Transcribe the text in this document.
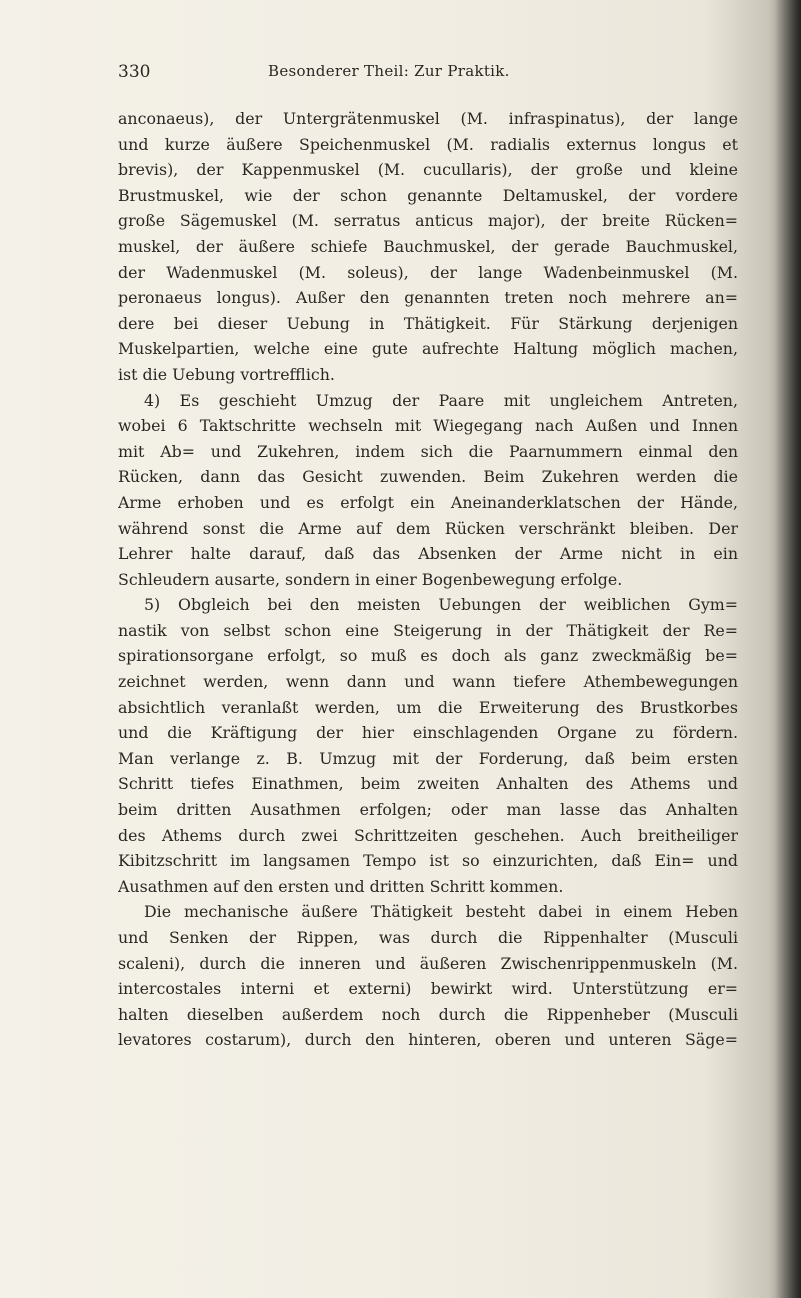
330	Besonderer Theil: Zur Praktik.
anconaeus), der Untergrätenmuskel (M. infraspinatus), der lange
und kurze äußere Speichenmuskel (M. radialis externus longus et
brevis), der Kappenmuskel (M. cucullaris), der große und kleine
Brustmuskel, wie der schon genannte Deltamuskel, der vordere
große Sägemuskel (M. serratus anticus major), der breite Rücken=
muskel, der äußere schiefe Bauchmuskel, der gerade Bauchmuskel,
der Wadenmuskel (M. soleus), der lange Wadenbeinmuskel (M.
peronaeus longus). Außer den genannten treten noch mehrere an=
dere bei dieser Uebung in Thätigkeit. Für Stärkung derjenigen
Muskelpartien, welche eine gute aufrechte Haltung möglich machen,
ist die Uebung vortrefflich.
4) Es geschieht Umzug der Paare mit ungleichem Antreten,
wobei 6 Taktschritte wechseln mit Wiegegang nach Außen und Innen
mit Ab= und Zukehren, indem sich die Paarnummern einmal den
Rücken, dann das Gesicht zuwenden. Beim Zukehren werden die
Arme erhoben und es erfolgt ein Aneinanderklatschen der Hände,
während sonst die Arme auf dem Rücken verschränkt bleiben. Der
Lehrer halte darauf, daß das Absenken der Arme nicht in ein
Schleudern ausarte, sondern in einer Bogenbewegung erfolge.
5) Obgleich bei den meisten Uebungen der weiblichen Gym=
nastik von selbst schon eine Steigerung in der Thätigkeit der Re=
spirationsorgane erfolgt, so muß es doch als ganz zweckmäßig be=
zeichnet werden, wenn dann und wann tiefere Athembewegungen
absichtlich veranlaßt werden, um die Erweiterung des Brustkorbes
und die Kräftigung der hier einschlagenden Organe zu fördern.
Man verlange z. B. Umzug mit der Forderung, daß beim ersten
Schritt tiefes Einathmen, beim zweiten Anhalten des Athems und
beim dritten Ausathmen erfolgen; oder man lasse das Anhalten
des Athems durch zwei Schrittzeiten geschehen. Auch breitheiliger
Kibitzschritt im langsamen Tempo ist so einzurichten, daß Ein= und
Ausathmen auf den ersten und dritten Schritt kommen.
Die mechanische äußere Thätigkeit besteht dabei in einem Heben
und Senken der Rippen, was durch die Rippenhalter (Musculi
scaleni), durch die inneren und äußeren Zwischenrippenmuskeln (M.
intercostales interni et externi) bewirkt wird. Unterstützung er=
halten dieselben außerdem noch durch die Rippenheber (Musculi
levatores costarum), durch den hinteren, oberen und unteren Säge=
